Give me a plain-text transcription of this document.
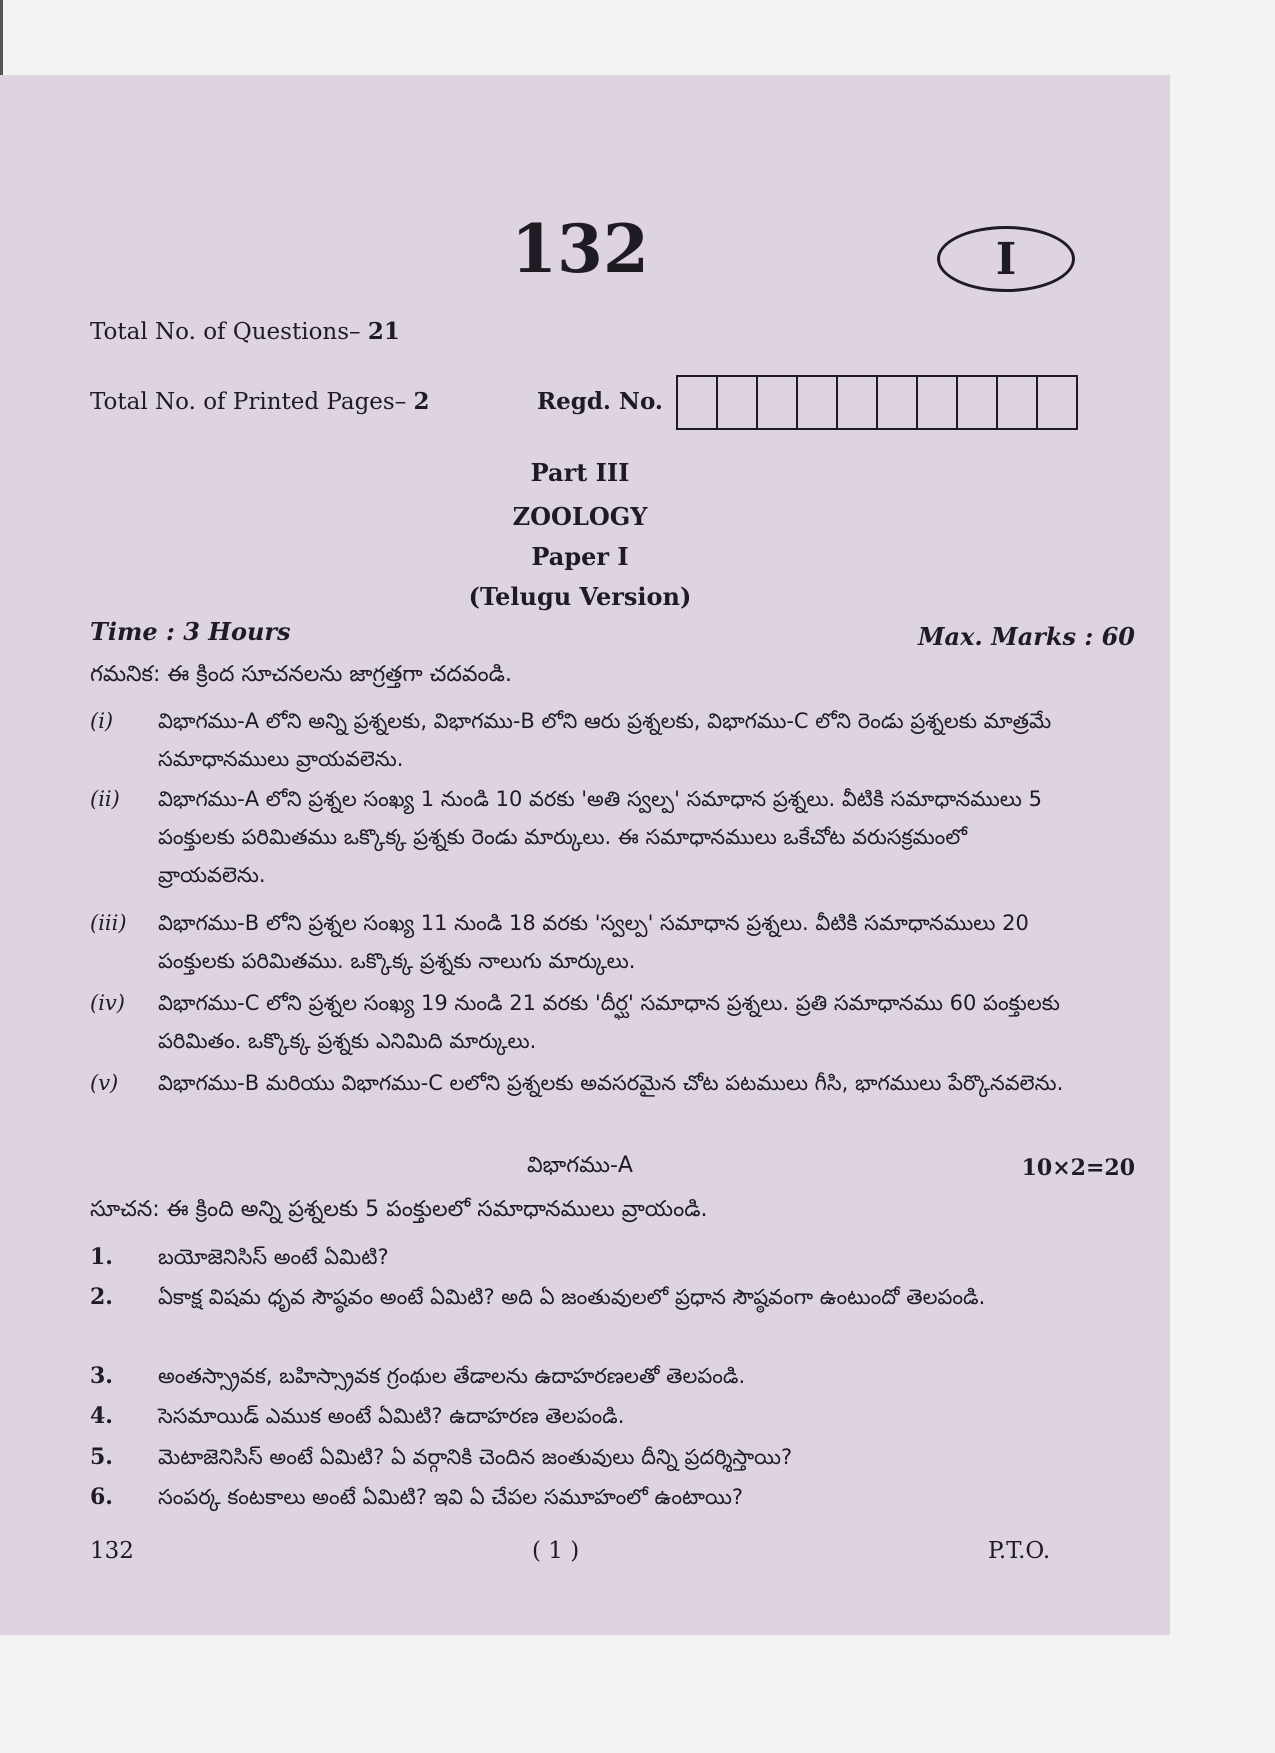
132	I
Total No. of Questions– 21
Total No. of Printed Pages– 2	Regd. No.
Part III
ZOOLOGY
Paper I
(Telugu Version)
Time : 3 Hours	Max. Marks : 60
గమనిక: ఈ క్రింద సూచనలను జాగ్రత్తగా చదవండి.
(i) విభాగము-A లోని అన్ని ప్రశ్నలకు, విభాగము-B లోని ఆరు ప్రశ్నలకు, విభాగము-C లోని రెండు ప్రశ్నలకు మాత్రమే సమాధానములు వ్రాయవలెను.
(ii) విభాగము-A లోని ప్రశ్నల సంఖ్య 1 నుండి 10 వరకు 'అతి స్వల్ప' సమాధాన ప్రశ్నలు. వీటికి సమాధానములు 5 పంక్తులకు పరిమితము ఒక్కొక్క ప్రశ్నకు రెండు మార్కులు. ఈ సమాధానములు ఒకేచోట వరుసక్రమంలో వ్రాయవలెను.
(iii) విభాగము-B లోని ప్రశ్నల సంఖ్య 11 నుండి 18 వరకు 'స్వల్ప' సమాధాన ప్రశ్నలు. వీటికి సమాధానములు 20 పంక్తులకు పరిమితము. ఒక్కొక్క ప్రశ్నకు నాలుగు మార్కులు.
(iv) విభాగము-C లోని ప్రశ్నల సంఖ్య 19 నుండి 21 వరకు 'దీర్ఘ' సమాధాన ప్రశ్నలు. ప్రతి సమాధానము 60 పంక్తులకు పరిమితం. ఒక్కొక్క ప్రశ్నకు ఎనిమిది మార్కులు.
(v) విభాగము-B మరియు విభాగము-C లలోని ప్రశ్నలకు అవసరమైన చోట పటములు గీసి, భాగములు పేర్కొనవలెను.
విభాగము-A	10×2=20
సూచన: ఈ క్రింది అన్ని ప్రశ్నలకు 5 పంక్తులలో సమాధానములు వ్రాయండి.
1. బయోజెనిసిస్ అంటే ఏమిటి?
2. ఏకాక్ష విషమ ధృవ సౌష్ఠవం అంటే ఏమిటి? అది ఏ జంతువులలో ప్రధాన సౌష్ఠవంగా ఉంటుందో తెలపండి.
3. అంతస్స్రావక, బహిస్స్రావక గ్రంథుల తేడాలను ఉదాహరణలతో తెలపండి.
4. సెసమాయిడ్ ఎముక అంటే ఏమిటి? ఉదాహరణ తెలపండి.
5. మెటాజెనిసిస్ అంటే ఏమిటి? ఏ వర్గానికి చెందిన జంతువులు దీన్ని ప్రదర్శిస్తాయి?
6. సంపర్క కంటకాలు అంటే ఏమిటి? ఇవి ఏ చేపల సమూహంలో ఉంటాయి?
132	( 1 )	P.T.O.
